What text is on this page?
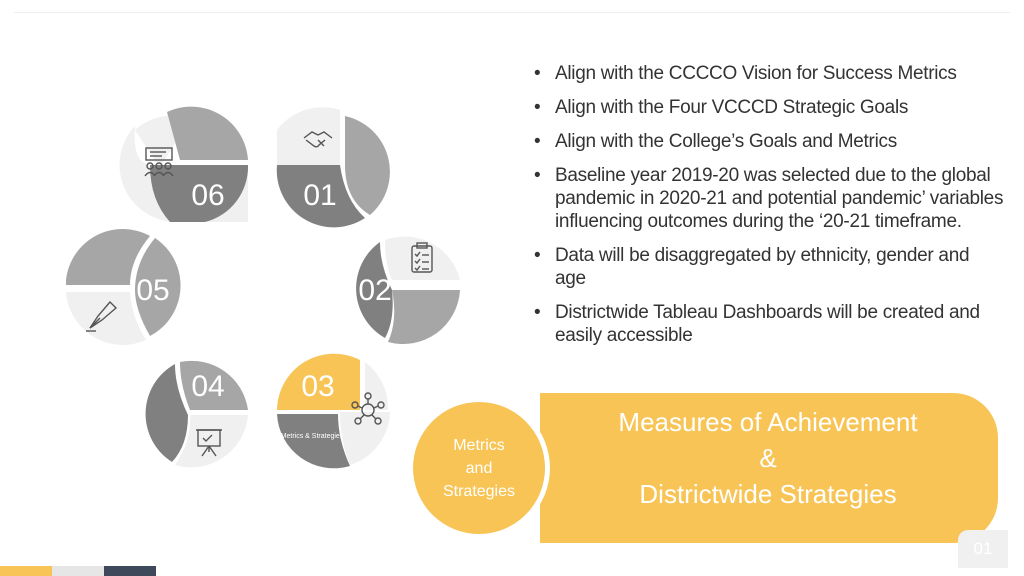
06	01
02
03
Metrics & Strategies
04
05
• Align with the CCCCO Vision for Success Metrics
• Align with the Four VCCCD Strategic Goals
• Align with the College’s Goals and Metrics
• Baseline year 2019-20 was selected due to the global pandemic in 2020-21 and potential pandemic’ variables influencing outcomes during the ‘20-21 timeframe.
• Data will be disaggregated by ethnicity, gender and age
• Districtwide Tableau Dashboards will be created and easily accessible
Measures of Achievement
&
Districtwide Strategies
Metrics
and
Strategies
01
